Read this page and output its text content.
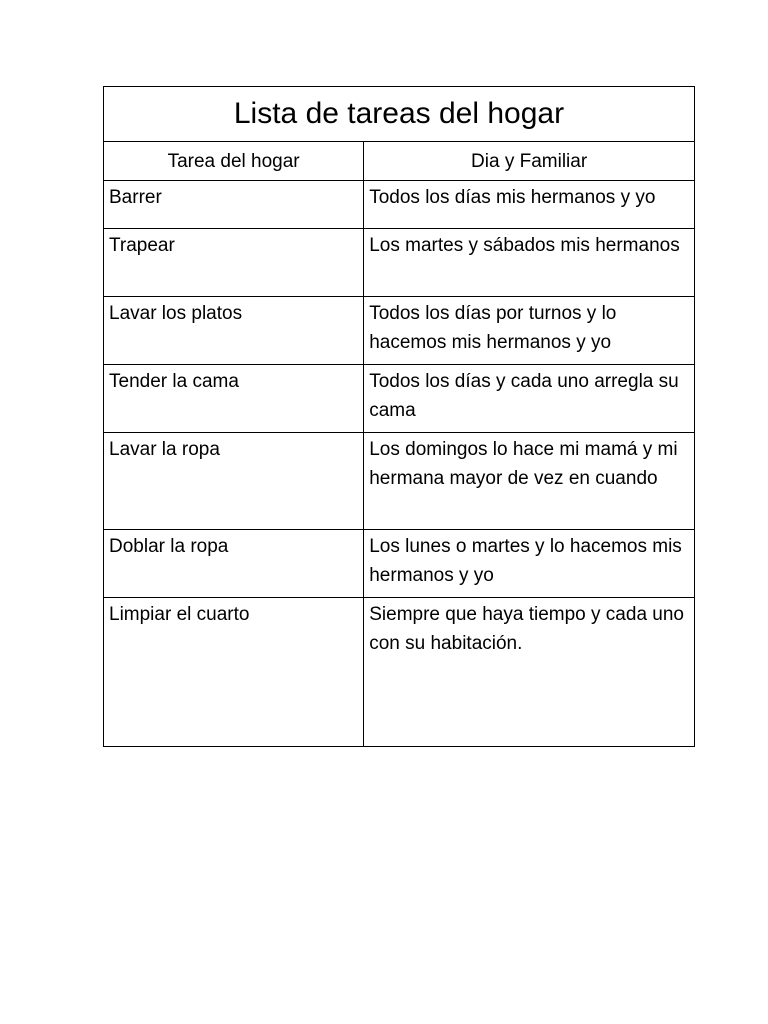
Lista de tareas del hogar	
Tarea del hogar	Dia y Familiar

Barrer	Todos los días mis hermanos y yo

Trapear	Los martes y sábados mis hermanos

Lavar los platos	Todos los días por turnos y lo hacemos mis hermanos y yo

Tender la cama	Todos los días y cada uno arregla su cama

Lavar la ropa	Los domingos lo hace mi mamá y mi hermana mayor de vez en cuando

Doblar la ropa	Los lunes o martes y lo hacemos mis hermanos y yo

Limpiar el cuarto	Siempre que haya tiempo y cada uno con su habitación.
